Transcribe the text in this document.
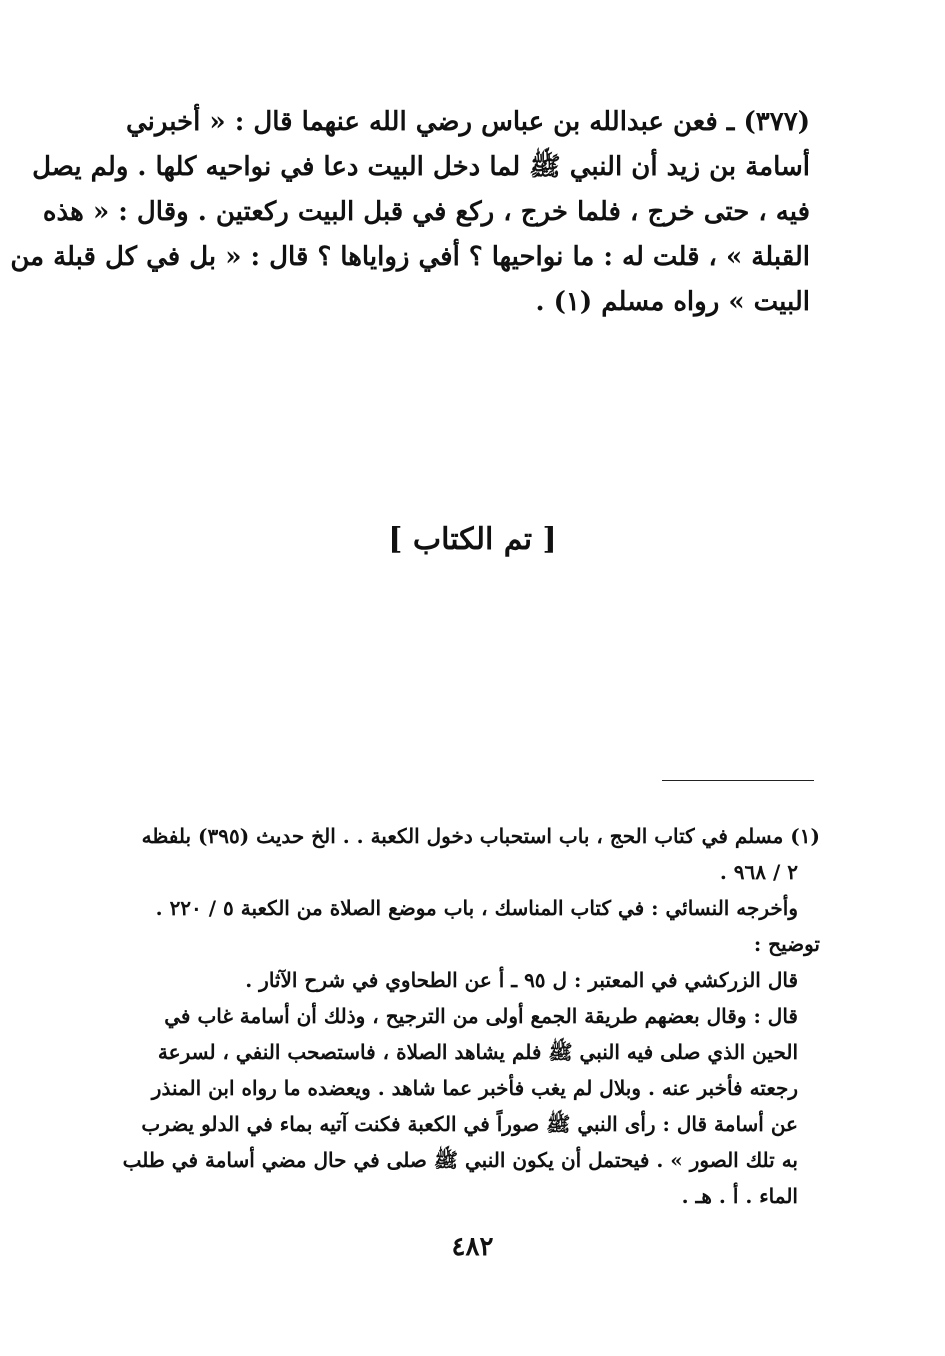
(٣٧٧) ـ فعن عبدالله بن عباس رضي الله عنهما قال : « أخبرني
أسامة بن زيد أن النبي ﷺ لما دخل البيت دعا في نواحيه كلها . ولم يصل
فيه ، حتى خرج ، فلما خرج ، ركع في قبل البيت ركعتين . وقال : « هذه
القبلة » ، قلت له : ما نواحيها ؟ أفي زواياها ؟ قال : « بل في كل قبلة من
البيت » رواه مسلم (١) .
[ تم الكتاب ]
(١) مسلم في كتاب الحج ، باب استحباب دخول الكعبة . . الخ حديث (٣٩٥) بلفظه
٢ / ٩٦٨ .
وأخرجه النسائي : في كتاب المناسك ، باب موضع الصلاة من الكعبة ٥ / ٢٢٠ .
توضيح :
قال الزركشي في المعتبر : ل ٩٥ ـ أ عن الطحاوي في شرح الآثار .
قال : وقال بعضهم طريقة الجمع أولى من الترجيح ، وذلك أن أسامة غاب في
الحين الذي صلى فيه النبي ﷺ فلم يشاهد الصلاة ، فاستصحب النفي ، لسرعة
رجعته فأخبر عنه . وبلال لم يغب فأخبر عما شاهد . ويعضده ما رواه ابن المنذر
عن أسامة قال : رأى النبي ﷺ صوراً في الكعبة فكنت آتيه بماء في الدلو يضرب
به تلك الصور » . فيحتمل أن يكون النبي ﷺ صلى في حال مضي أسامة في طلب
الماء . أ . هـ .
٤٨٢
